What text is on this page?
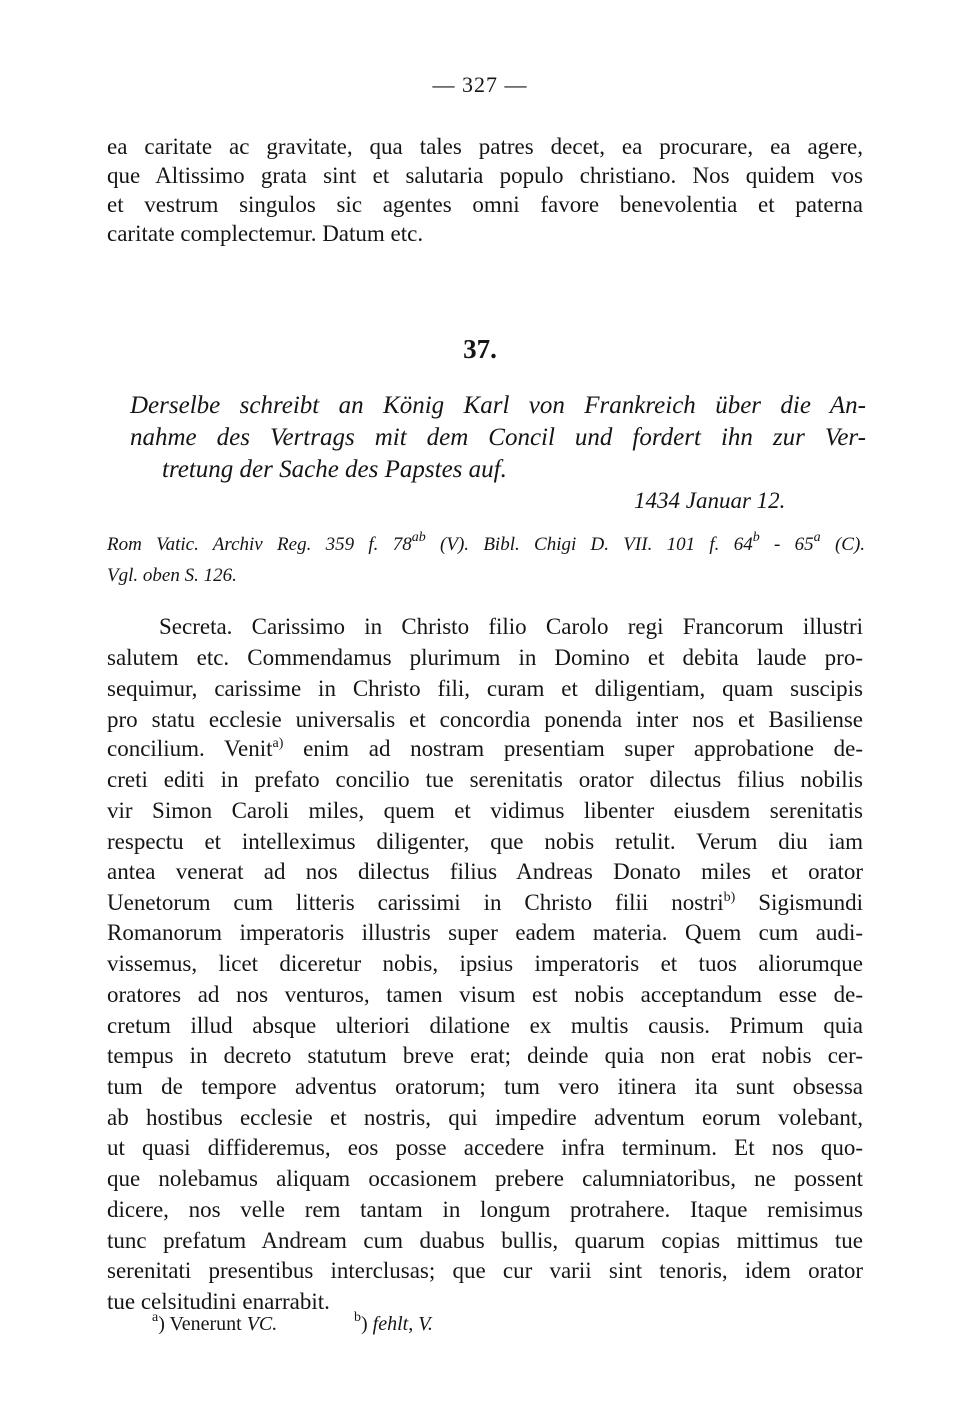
— 327 —
ea caritate ac gravitate, qua tales patres decet, ea procurare, ea agere,
que Altissimo grata sint et salutaria populo christiano. Nos quidem vos
et vestrum singulos sic agentes omni favore benevolentia et paterna
caritate complectemur. Datum etc.
37.
Derselbe schreibt an König Karl von Frankreich über die An-
nahme des Vertrags mit dem Concil und fordert ihn zur Ver-
tretung der Sache des Papstes auf.
1434 Januar 12.
Rom Vatic. Archiv Reg. 359 f. $78^{ab}$ (V). Bibl. Chigi D. VII. 101 f. 64$^b$ - 65$^a$ (C).
Vgl. oben S. 126.
Secreta. Carissimo in Christo filio Carolo regi Francorum illustri
salutem etc. Commendamus plurimum in Domino et debita laude pro-
sequimur, carissime in Christo fili, curam et diligentiam, quam suscipis
pro statu ecclesie universalis et concordia ponenda inter nos et Basiliense
concilium. Venit$^{a)}$ enim ad nostram presentiam super approbatione de-
creti editi in prefato concilio tue serenitatis orator dilectus filius nobilis
vir Simon Caroli miles, quem et vidimus libenter eiusdem serenitatis
respectu et intelleximus diligenter, que nobis retulit. Verum diu iam
antea venerat ad nos dilectus filius Andreas Donato miles et orator
Uenetorum cum litteris carissimi in Christo filii nostri$^{b)}$ Sigismundi
Romanorum imperatoris illustris super eadem materia. Quem cum audi-
vissemus, licet diceretur nobis, ipsius imperatoris et tuos aliorumque
oratores ad nos venturos, tamen visum est nobis acceptandum esse de-
cretum illud absque ulteriori dilatione ex multis causis. Primum quia
tempus in decreto statutum breve erat; deinde quia non erat nobis cer-
tum de tempore adventus oratorum; tum vero itinera ita sunt obsessa
ab hostibus ecclesie et nostris, qui impedire adventum eorum volebant,
ut quasi diffideremus, eos posse accedere infra terminum. Et nos quo-
que nolebamus aliquam occasionem prebere calumniatoribus, ne possent
dicere, nos velle rem tantam in longum protrahere. Itaque remisimus
tunc prefatum Andream cum duabus bullis, quarum copias mittimus tue
serenitati presentibus interclusas; que cur varii sint tenoris, idem orator
tue celsitudini enarrabit.
$^a$) Venerunt VC.	$^b$) fehlt, V.
